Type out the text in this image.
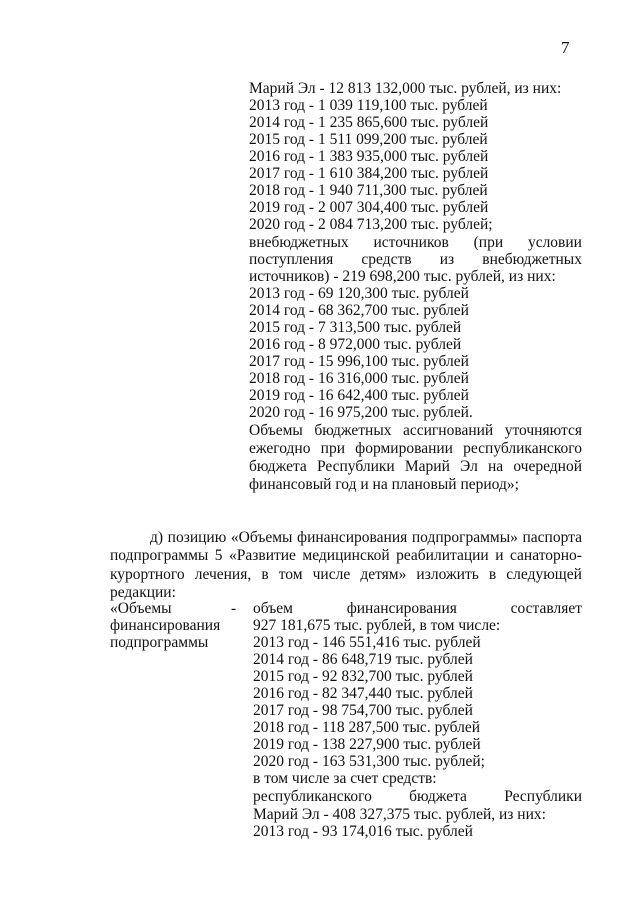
7
Марий Эл - 12 813 132,000 тыс. рублей, из них:
2013 год - 1 039 119,100 тыс. рублей
2014 год - 1 235 865,600 тыс. рублей
2015 год - 1 511 099,200 тыс. рублей
2016 год - 1 383 935,000 тыс. рублей
2017 год - 1 610 384,200 тыс. рублей
2018 год - 1 940 711,300 тыс. рублей
2019 год - 2 007 304,400 тыс. рублей
2020 год - 2 084 713,200 тыс. рублей;
внебюджетных источников (при условии
поступления средств из внебюджетных
источников) - 219 698,200 тыс. рублей, из них:
2013 год - 69 120,300 тыс. рублей
2014 год - 68 362,700 тыс. рублей
2015 год - 7 313,500 тыс. рублей
2016 год - 8 972,000 тыс. рублей
2017 год - 15 996,100 тыс. рублей
2018 год - 16 316,000 тыс. рублей
2019 год - 16 642,400 тыс. рублей
2020 год - 16 975,200 тыс. рублей.
Объемы бюджетных ассигнований уточняются
ежегодно при формировании республиканского
бюджета Республики Марий Эл на очередной
финансовый год и на плановый период»;
д) позицию «Объемы финансирования подпрограммы» паспорта
подпрограммы 5 «Развитие медицинской реабилитации и санаторно-
курортного лечения, в том числе детям» изложить в следующей
редакции:
«Объемы
финансирования
подпрограммы
- объем	финансирования	составляет
927 181,675 тыс. рублей, в том числе:
2013 год - 146 551,416 тыс. рублей
2014 год - 86 648,719 тыс. рублей
2015 год - 92 832,700 тыс. рублей
2016 год - 82 347,440 тыс. рублей
2017 год - 98 754,700 тыс. рублей
2018 год - 118 287,500 тыс. рублей
2019 год - 138 227,900 тыс. рублей
2020 год - 163 531,300 тыс. рублей;
в том числе за счет средств:
республиканского бюджета Республики
Марий Эл - 408 327,375 тыс. рублей, из них:
2013 год - 93 174,016 тыс. рублей
